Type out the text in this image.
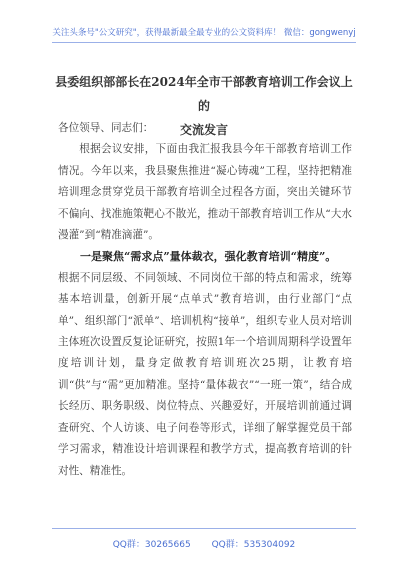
关注头条号"公文研究"，获得最新最全最专业的公文资料库！ 微信：gongwenyj
县委组织部部长在2024年全市干部教育培训工作会议上的
交流发言

各位领导、同志们：

根据会议安排，下面由我汇报我县今年干部教育培训工作情况。今年以来，我县聚焦推进“凝心铸魂”工程，坚持把精准培训理念贯穿党员干部教育培训全过程各方面，突出关键环节不偏向、找准施策靶心不散光，推动干部教育培训工作从“大水漫灌”到“精准滴灌”。

一是聚焦“需求点”量体裁衣，强化教育培训“精度”。

根据不同层级、不同领域、不同岗位干部的特点和需求，统筹基本培训量，创新开展“点单式”教育培训，由行业部门“点单”、组织部门“派单”、培训机构“接单”，组织专业人员对培训主体班次设置反复论证研究，按照1年一个培训周期科学设置年度培训计划，量身定做教育培训班次25期，让教育培训“供”与“需”更加精准。坚持“量体裁衣”“一班一策”，结合成长经历、职务职级、岗位特点、兴趣爱好，开展培训前通过调查研究、个人访谈、电子问卷等形式，详细了解掌握党员干部学习需求，精准设计培训课程和教学方式，提高教育培训的针对性、精准性。

QQ群：30265665 QQ群：535304092
